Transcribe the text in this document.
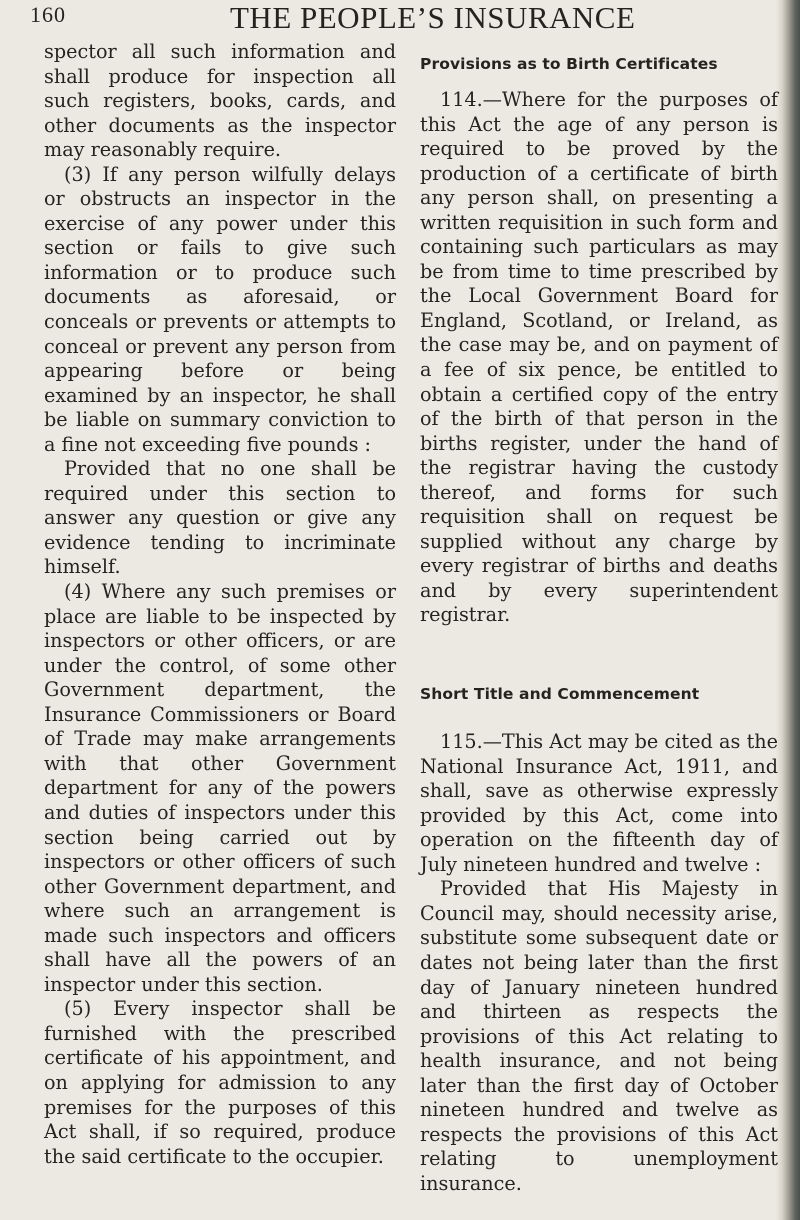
160	THE PEOPLE’S INSURANCE

spector all such information and shall produce for inspection all such registers, books, cards, and other documents as the inspector may reasonably require.

(3) If any person wilfully delays or obstructs an inspector in the exercise of any power under this section or fails to give such information or to produce such documents as aforesaid, or conceals or prevents or attempts to conceal or prevent any person from appearing before or being examined by an inspector, he shall be liable on summary conviction to a fine not exceeding five pounds :

Provided that no one shall be required under this section to answer any question or give any evidence tending to incriminate himself.

(4) Where any such premises or place are liable to be inspected by inspectors or other officers, or are under the control, of some other Government department, the Insurance Commissioners or Board of Trade may make arrangements with that other Government department for any of the powers and duties of inspectors under this section being carried out by inspectors or other officers of such other Government department, and where such an arrangement is made such inspectors and officers shall have all the powers of an inspector under this section.

(5) Every inspector shall be furnished with the prescribed certificate of his appointment, and on applying for admission to any premises for the purposes of this Act shall, if so required, produce the said certificate to the occupier.

Provisions as to Birth Certificates

114.—Where for the purposes of this Act the age of any person is required to be proved by the production of a certificate of birth any person shall, on presenting a written requisition in such form and containing such particulars as may be from time to time prescribed by the Local Government Board for England, Scotland, or Ireland, as the case may be, and on payment of a fee of six pence, be entitled to obtain a certified copy of the entry of the birth of that person in the births register, under the hand of the registrar having the custody thereof, and forms for such requisition shall on request be supplied without any charge by every registrar of births and deaths and by every superintendent registrar.

Short Title and Commencement

115.—This Act may be cited as the National Insurance Act, 1911, and shall, save as otherwise expressly provided by this Act, come into operation on the fifteenth day of July nineteen hundred and twelve :

Provided that His Majesty in Council may, should necessity arise, substitute some subsequent date or dates not being later than the first day of January nineteen hundred and thirteen as respects the provisions of this Act relating to health insurance, and not being later than the first day of October nineteen hundred and twelve as respects the provisions of this Act relating to unemployment insurance.
